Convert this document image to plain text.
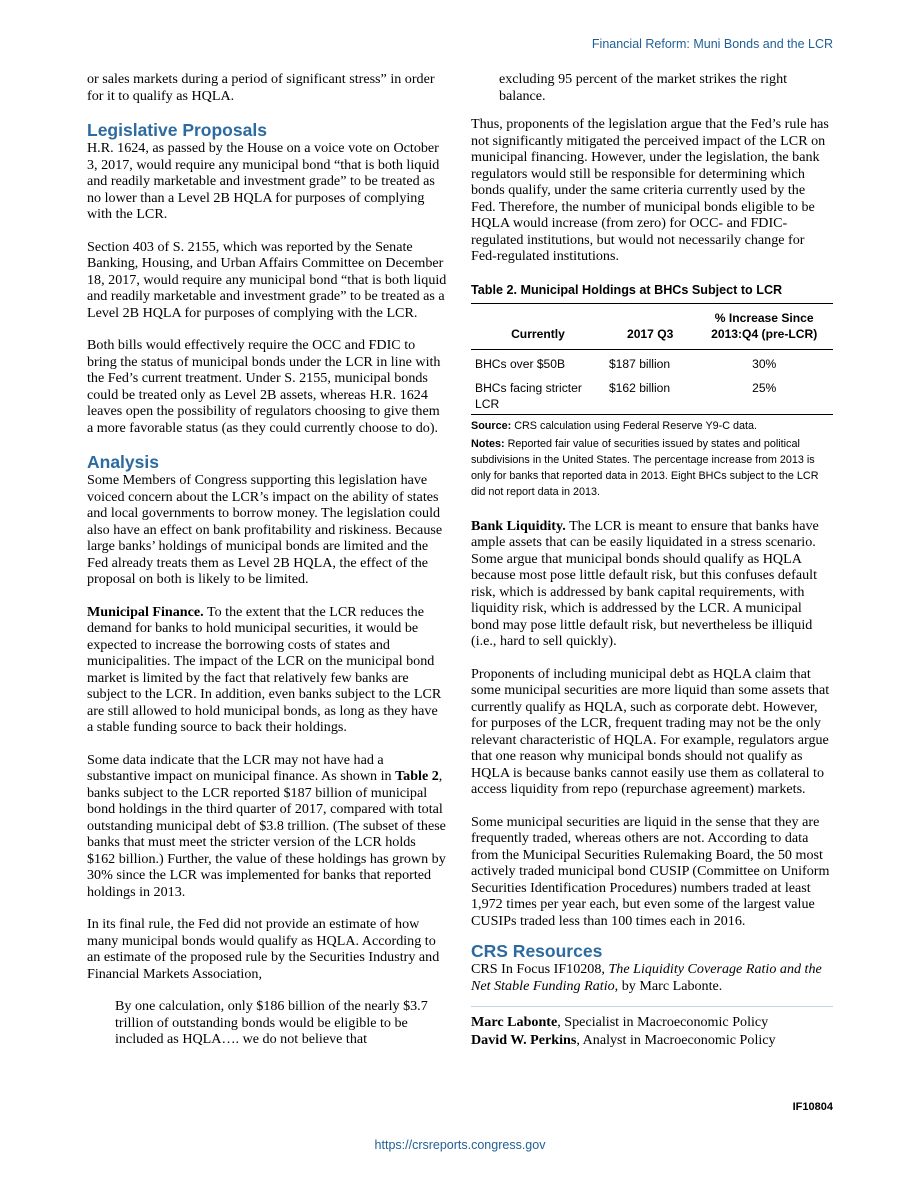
Financial Reform: Muni Bonds and the LCR

or sales markets during a period of significant stress” in order for it to qualify as HQLA.

Legislative Proposals

H.R. 1624, as passed by the House on a voice vote on October 3, 2017, would require any municipal bond “that is both liquid and readily marketable and investment grade” to be treated as no lower than a Level 2B HQLA for purposes of complying with the LCR.

Section 403 of S. 2155, which was reported by the Senate Banking, Housing, and Urban Affairs Committee on December 18, 2017, would require any municipal bond “that is both liquid and readily marketable and investment grade” to be treated as a Level 2B HQLA for purposes of complying with the LCR.

Both bills would effectively require the OCC and FDIC to bring the status of municipal bonds under the LCR in line with the Fed’s current treatment. Under S. 2155, municipal bonds could be treated only as Level 2B assets, whereas H.R. 1624 leaves open the possibility of regulators choosing to give them a more favorable status (as they could currently choose to do).

Analysis

Some Members of Congress supporting this legislation have voiced concern about the LCR’s impact on the ability of states and local governments to borrow money. The legislation could also have an effect on bank profitability and riskiness. Because large banks’ holdings of municipal bonds are limited and the Fed already treats them as Level 2B HQLA, the effect of the proposal on both is likely to be limited.

Municipal Finance. To the extent that the LCR reduces the demand for banks to hold municipal securities, it would be expected to increase the borrowing costs of states and municipalities. The impact of the LCR on the municipal bond market is limited by the fact that relatively few banks are subject to the LCR. In addition, even banks subject to the LCR are still allowed to hold municipal bonds, as long as they have a stable funding source to back their holdings.

Some data indicate that the LCR may not have had a substantive impact on municipal finance. As shown in Table 2, banks subject to the LCR reported $187 billion of municipal bond holdings in the third quarter of 2017, compared with total outstanding municipal debt of $3.8 trillion. (The subset of these banks that must meet the stricter version of the LCR holds $162 billion.) Further, the value of these holdings has grown by 30% since the LCR was implemented for banks that reported holdings in 2013.

In its final rule, the Fed did not provide an estimate of how many municipal bonds would qualify as HQLA. According to an estimate of the proposed rule by the Securities Industry and Financial Markets Association,

By one calculation, only $186 billion of the nearly $3.7 trillion of outstanding bonds would be eligible to be included as HQLA…. we do not believe that
excluding 95 percent of the market strikes the right balance.

Thus, proponents of the legislation argue that the Fed’s rule has not significantly mitigated the perceived impact of the LCR on municipal financing. However, under the legislation, the bank regulators would still be responsible for determining which bonds qualify, under the same criteria currently used by the Fed. Therefore, the number of municipal bonds eligible to be HQLA would increase (from zero) for OCC- and FDIC-regulated institutions, but would not necessarily change for Fed-regulated institutions.

Table 2. Municipal Holdings at BHCs Subject to LCR
Currently	2017 Q3	% Increase Since 2013:Q4 (pre-LCR)
BHCs over $50B	$187 billion	30%
BHCs facing stricter LCR	$162 billion	25%

Source: CRS calculation using Federal Reserve Y9-C data.

Notes: Reported fair value of securities issued by states and political subdivisions in the United States. The percentage increase from 2013 is only for banks that reported data in 2013. Eight BHCs subject to the LCR did not report data in 2013.

Bank Liquidity. The LCR is meant to ensure that banks have ample assets that can be easily liquidated in a stress scenario. Some argue that municipal bonds should qualify as HQLA because most pose little default risk, but this confuses default risk, which is addressed by bank capital requirements, with liquidity risk, which is addressed by the LCR. A municipal bond may pose little default risk, but nevertheless be illiquid (i.e., hard to sell quickly).

Proponents of including municipal debt as HQLA claim that some municipal securities are more liquid than some assets that currently qualify as HQLA, such as corporate debt. However, for purposes of the LCR, frequent trading may not be the only relevant characteristic of HQLA. For example, regulators argue that one reason why municipal bonds should not qualify as HQLA is because banks cannot easily use them as collateral to access liquidity from repo (repurchase agreement) markets.

Some municipal securities are liquid in the sense that they are frequently traded, whereas others are not. According to data from the Municipal Securities Rulemaking Board, the 50 most actively traded municipal bond CUSIP (Committee on Uniform Securities Identification Procedures) numbers traded at least 1,972 times per year each, but even some of the largest value CUSIPs traded less than 100 times each in 2016.

CRS Resources

CRS In Focus IF10208, The Liquidity Coverage Ratio and the Net Stable Funding Ratio, by Marc Labonte.

Marc Labonte, Specialist in Macroeconomic Policy

David W. Perkins, Analyst in Macroeconomic Policy

IF10804
https://crsreports.congress.gov
